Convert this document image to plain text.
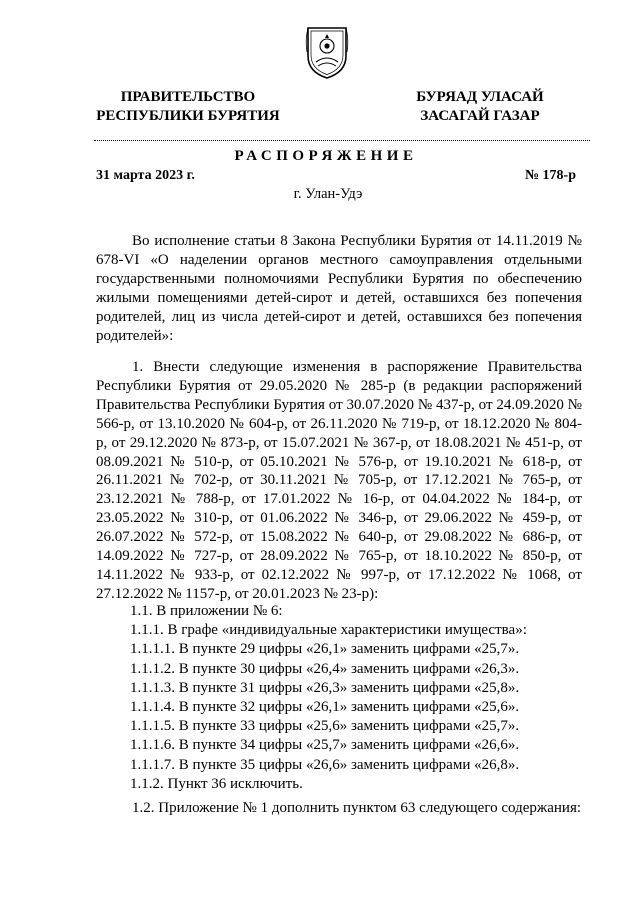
ПРАВИТЕЛЬСТВО
РЕСПУБЛИКИ БУРЯТИЯ
БУРЯАД УЛАСАЙ
ЗАСАГАЙ ГАЗАР
РАСПОРЯЖЕНИЕ
31 марта 2023 г.	№ 178-р
г. Улан-Удэ

Во исполнение статьи 8 Закона Республики Бурятия от 14.11.2019 № 678-VI «О наделении органов местного самоуправления отдельными государственными полномочиями Республики Бурятия по обеспечению жилыми помещениями детей-сирот и детей, оставшихся без попечения родителей, лиц из числа детей-сирот и детей, оставшихся без попечения родителей»:

1. Внести следующие изменения в распоряжение Правительства Республики Бурятия от 29.05.2020 № 285-р (в редакции распоряжений Правительства Республики Бурятия от 30.07.2020 № 437-р, от 24.09.2020 № 566-р, от 13.10.2020 № 604-р, от 26.11.2020 № 719-р, от 18.12.2020 № 804-р, от 29.12.2020 № 873-р, от 15.07.2021 № 367-р, от 18.08.2021 № 451-р, от 08.09.2021 № 510-р, от 05.10.2021 № 576-р, от 19.10.2021 № 618-р, от 26.11.2021 № 702-р, от 30.11.2021 № 705-р, от 17.12.2021 № 765-р, от 23.12.2021 № 788-р, от 17.01.2022 № 16-р, от 04.04.2022 № 184-р, от 23.05.2022 № 310-р, от 01.06.2022 № 346-р, от 29.06.2022 № 459-р, от 26.07.2022 № 572-р, от 15.08.2022 № 640-р, от 29.08.2022 № 686-р, от 14.09.2022 № 727-р, от 28.09.2022 № 765-р, от 18.10.2022 № 850-р, от 14.11.2022 № 933-р, от 02.12.2022 № 997-р, от 17.12.2022 № 1068, от 27.12.2022 № 1157-р, от 20.01.2023 № 23-р):

1.1. В приложении № 6:
1.1.1. В графе «индивидуальные характеристики имущества»:
1.1.1.1. В пункте 29 цифры «26,1» заменить цифрами «25,7».
1.1.1.2. В пункте 30 цифры «26,4» заменить цифрами «26,3».
1.1.1.3. В пункте 31 цифры «26,3» заменить цифрами «25,8».
1.1.1.4. В пункте 32 цифры «26,1» заменить цифрами «25,6».
1.1.1.5. В пункте 33 цифры «25,6» заменить цифрами «25,7».
1.1.1.6. В пункте 34 цифры «25,7» заменить цифрами «26,6».
1.1.1.7. В пункте 35 цифры «26,6» заменить цифрами «26,8».
1.1.2. Пункт 36 исключить.

1.2. Приложение № 1 дополнить пунктом 63 следующего содержания:
